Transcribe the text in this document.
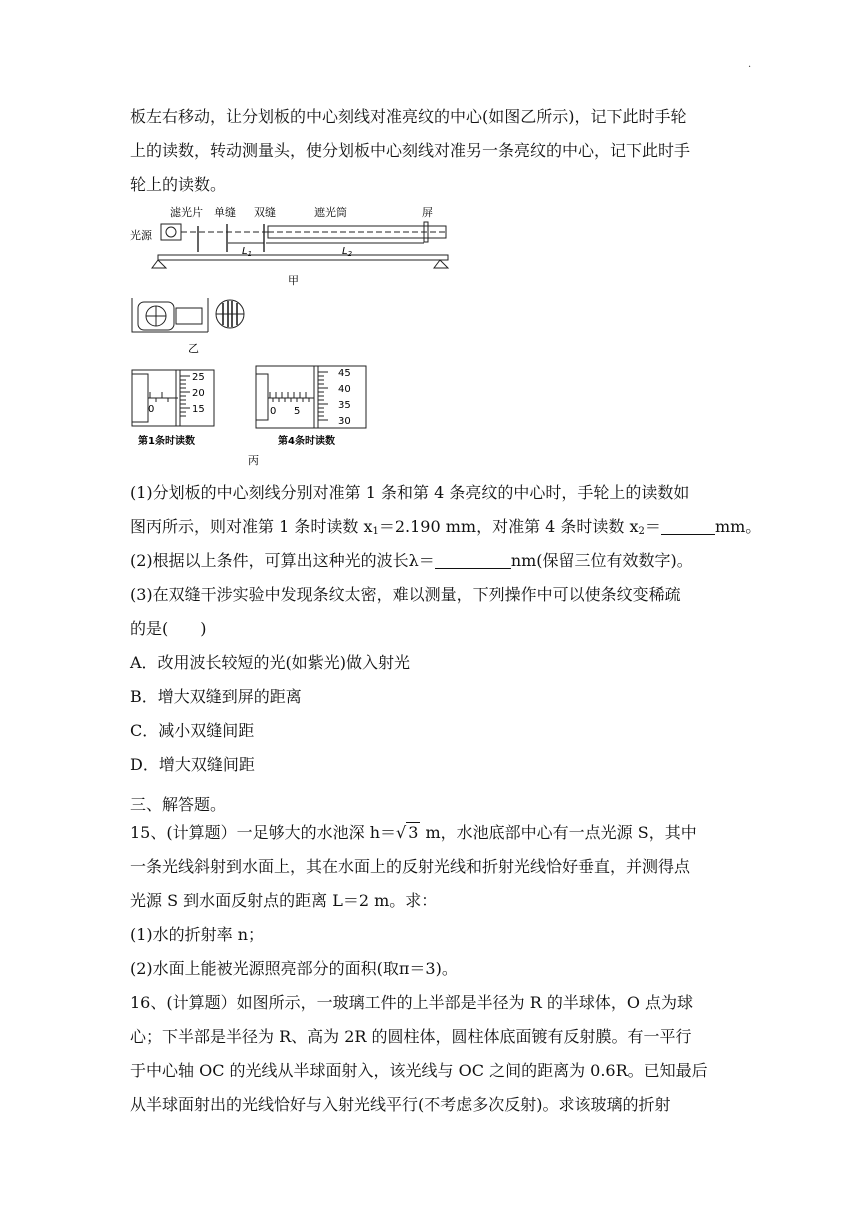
·
板左右移动，让分划板的中心刻线对准亮纹的中心(如图乙所示)，记下此时手轮
上的读数，转动测量头，使分划板中心刻线对准另一条亮纹的中心，记下此时手
轮上的读数。
滤光片 单缝 双缝	遮光筒	屏
光源
$L_1$	$L_2$
甲
乙
0
25
20
15
第1条时读数
0 5
45
40
35
30
第4条时读数
丙
(1)分划板的中心刻线分别对准第 1 条和第 4 条亮纹的中心时，手轮上的读数如
图丙所示，则对准第 1 条时读数 $x_1=2.190$ mm，对准第 4 条时读数 $x_2=$	mm。
(2)根据以上条件，可算出这种光的波长λ＝	nm(保留三位有效数字)。
(3)在双缝干涉实验中发现条纹太密，难以测量，下列操作中可以使条纹变稀疏
的是(　　)
A．改用波长较短的光(如紫光)做入射光
B．增大双缝到屏的距离
C．减小双缝间距
D．增大双缝间距
三、解答题。
15、(计算题）一足够大的水池深 h＝√ 3 m，水池底部中心有一点光源 S，其中
一条光线斜射到水面上，其在水面上的反射光线和折射光线恰好垂直，并测得点
光源 S 到水面反射点的距离 L＝2 m。求：
(1)水的折射率 n；
(2)水面上能被光源照亮部分的面积(取π＝3)。
16、(计算题）如图所示，一玻璃工件的上半部是半径为 R 的半球体，O 点为球
心；下半部是半径为 R、高为 2R 的圆柱体，圆柱体底面镀有反射膜。有一平行
于中心轴 OC 的光线从半球面射入，该光线与 OC 之间的距离为 0.6R。已知最后
从半球面射出的光线恰好与入射光线平行(不考虑多次反射)。求该玻璃的折射
